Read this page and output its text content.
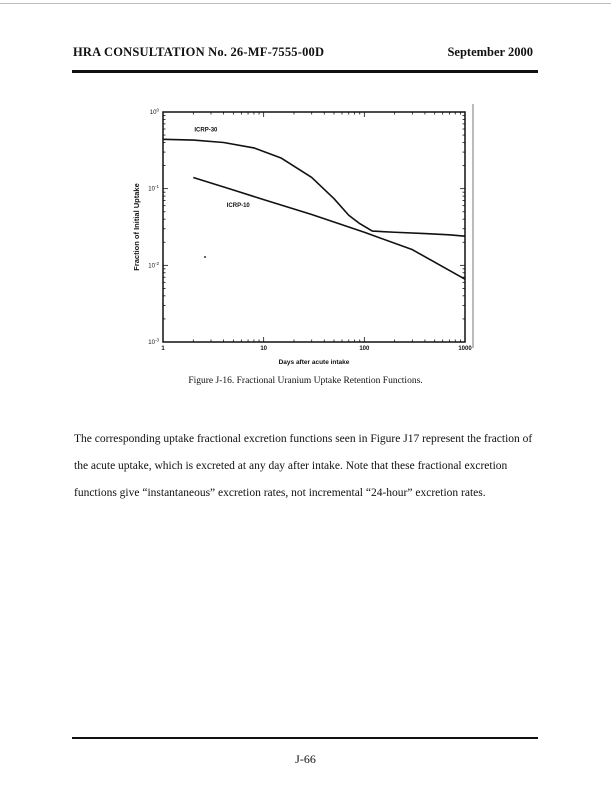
HRA CONSULTATION No. 26-MF-7555-00D	September 2000
1	10	100	1000
$10^0$
$10^{-1}$
$10^{-2}$
$10^{-3}$
ICRP-30
ICRP-10
Days after acute intake
Fraction of Initial Uptake
Figure J-16. Fractional Uranium Uptake Retention Functions.

The corresponding uptake fractional excretion functions seen in Figure J17 represent the fraction of the acute uptake, which is excreted at any day after intake. Note that these fractional excretion functions give “instantaneous” excretion rates, not incremental “24-hour” excretion rates.

J-66
